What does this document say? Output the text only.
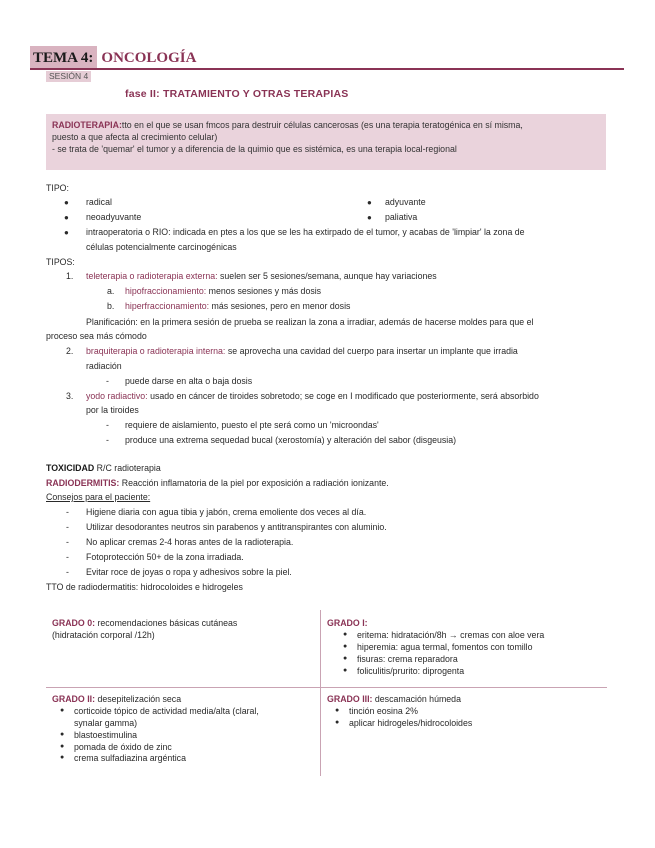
TEMA 4: ONCOLOGÍA
SESIÓN 4
fase II: TRATAMIENTO Y OTRAS TERAPIAS
RADIOTERAPIA:tto en el que se usan fmcos para destruir células cancerosas (es una terapia teratogénica en sí misma,
puesto a que afecta al crecimiento celular)
- se trata de 'quemar' el tumor y a diferencia de la quimio que es sistémica, es una terapia local-regional
TIPO:
● radical
● neoadyuvante
● adyuvante
● paliativa
● intraoperatoria o RIO: indicada en ptes a los que se les ha extirpado de el tumor, y acabas de 'limpiar' la zona de
células potencialmente carcinogénicas
TIPOS:
1. teleterapia o radioterapia externa: suelen ser 5 sesiones/semana, aunque hay variaciones
a. hipofraccionamiento: menos sesiones y más dosis
b. hiperfraccionamiento: más sesiones, pero en menor dosis
Planificación: en la primera sesión de prueba se realizan la zona a irradiar, además de hacerse moldes para que el
proceso sea más cómodo
2. braquiterapia o radioterapia interna: se aprovecha una cavidad del cuerpo para insertar un implante que irradia
radiación
- puede darse en alta o baja dosis
3. yodo radiactivo: usado en cáncer de tiroides sobretodo; se coge en I modificado que posteriormente, será absorbido
por la tiroides
- requiere de aislamiento, puesto el pte será como un 'microondas'
- produce una extrema sequedad bucal (xerostomía) y alteración del sabor (disgeusia)
TOXICIDAD R/C radioterapia
RADIODERMITIS: Reacción inflamatoria de la piel por exposición a radiación ionizante.
Consejos para el paciente:
- Higiene diaria con agua tibia y jabón, crema emoliente dos veces al día.
- Utilizar desodorantes neutros sin parabenos y antitranspirantes con aluminio.
- No aplicar cremas 2-4 horas antes de la radioterapia.
- Fotoprotección 50+ de la zona irradiada.
- Evitar roce de joyas o ropa y adhesivos sobre la piel.
TTO de radiodermatitis: hidrocoloides e hidrogeles
GRADO 0: recomendaciones básicas cutáneas
(hidratación corporal /12h)
GRADO I:
● eritema: hidratación/8h → cremas con aloe vera
● hiperemia: agua termal, fomentos con tomillo
● fisuras: crema reparadora
● foliculitis/prurito: diprogenta
GRADO II: desepitelización seca
● corticoide tópico de actividad media/alta (claral,
synalar gamma)
● blastoestimulina
● pomada de óxido de zinc
● crema sulfadiazina argéntica
GRADO III: descamación húmeda
● tinción eosina 2%
● aplicar hidrogeles/hidrocoloides
